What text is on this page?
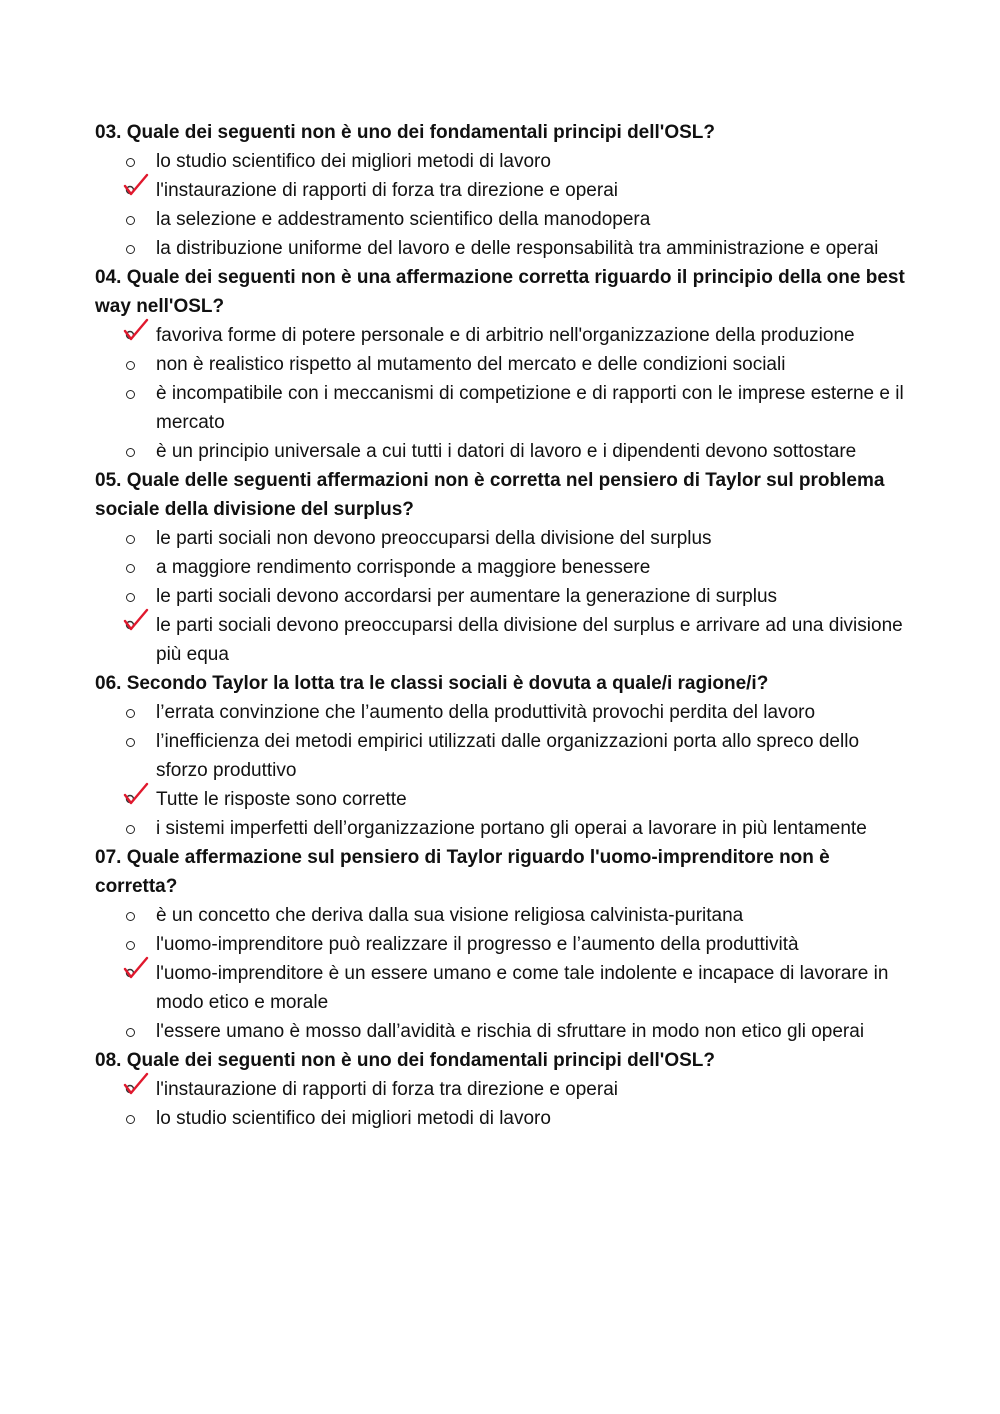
03. Quale dei seguenti non è uno dei fondamentali principi dell'OSL?
lo studio scientifico dei migliori metodi di lavoro
l'instaurazione di rapporti di forza tra direzione e operai
la selezione e addestramento scientifico della manodopera
la distribuzione uniforme del lavoro e delle responsabilità tra amministrazione e operai
04. Quale dei seguenti non è una affermazione corretta riguardo il principio della one best way nell'OSL?
favoriva forme di potere personale e di arbitrio nell'organizzazione della produzione
non è realistico rispetto al mutamento del mercato e delle condizioni sociali
è incompatibile con i meccanismi di competizione e di rapporti con le imprese esterne e il mercato
è un principio universale a cui tutti i datori di lavoro e i dipendenti devono sottostare
05. Quale delle seguenti affermazioni non è corretta nel pensiero di Taylor sul problema sociale della divisione del surplus?
le parti sociali non devono preoccuparsi della divisione del surplus
a maggiore rendimento corrisponde a maggiore benessere
le parti sociali devono accordarsi per aumentare la generazione di surplus
le parti sociali devono preoccuparsi della divisione del surplus e arrivare ad una divisione più equa
06. Secondo Taylor la lotta tra le classi sociali è dovuta a quale/i ragione/i?
l’errata convinzione che l’aumento della produttività provochi perdita del lavoro
l’inefficienza dei metodi empirici utilizzati dalle organizzazioni porta allo spreco dello sforzo produttivo
Tutte le risposte sono corrette
i sistemi imperfetti dell’organizzazione portano gli operai a lavorare in più lentamente
07. Quale affermazione sul pensiero di Taylor riguardo l'uomo-imprenditore non è corretta?
è un concetto che deriva dalla sua visione religiosa calvinista-puritana
l'uomo-imprenditore può realizzare il progresso e l’aumento della produttività
l'uomo-imprenditore è un essere umano e come tale indolente e incapace di lavorare in modo etico e morale
l'essere umano è mosso dall’avidità e rischia di sfruttare in modo non etico gli operai
08. Quale dei seguenti non è uno dei fondamentali principi dell'OSL?
l'instaurazione di rapporti di forza tra direzione e operai
lo studio scientifico dei migliori metodi di lavoro
